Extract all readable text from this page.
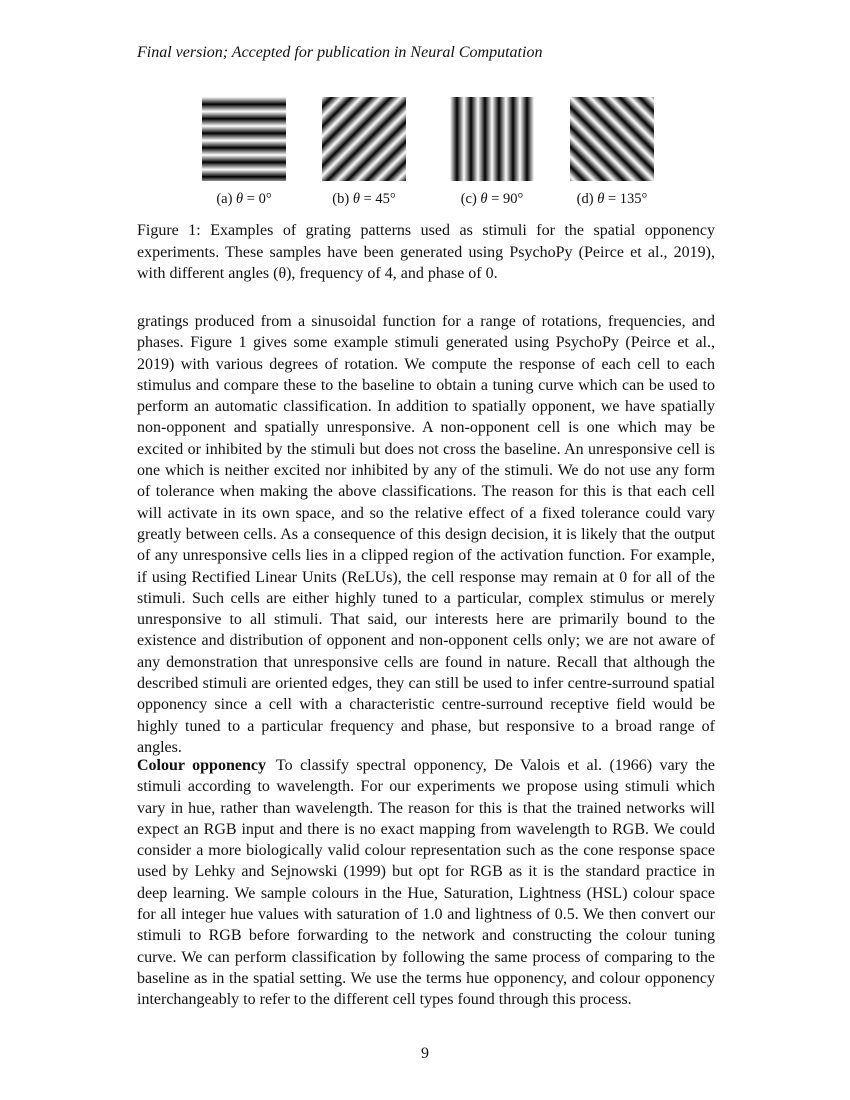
Final version; Accepted for publication in Neural Computation
(a) θ = 0°	(b) θ = 45°	(c) θ = 90°	(d) θ = 135°

Figure 1: Examples of grating patterns used as stimuli for the spatial opponency experiments. These samples have been generated using PsychoPy (Peirce et al., 2019), with different angles (θ), frequency of 4, and phase of 0.

gratings produced from a sinusoidal function for a range of rotations, frequencies, and phases. Figure 1 gives some example stimuli generated using PsychoPy (Peirce et al., 2019) with various degrees of rotation. We compute the response of each cell to each stimulus and compare these to the baseline to obtain a tuning curve which can be used to perform an automatic classification. In addition to spatially opponent, we have spatially non-opponent and spatially unresponsive. A non-opponent cell is one which may be excited or inhibited by the stimuli but does not cross the baseline. An unresponsive cell is one which is neither excited nor inhibited by any of the stimuli. We do not use any form of tolerance when making the above classifications. The reason for this is that each cell will activate in its own space, and so the relative effect of a fixed tolerance could vary greatly between cells. As a consequence of this design decision, it is likely that the output of any unresponsive cells lies in a clipped region of the activation function. For example, if using Rectified Linear Units (ReLUs), the cell response may remain at 0 for all of the stimuli. Such cells are either highly tuned to a particular, complex stimulus or merely unresponsive to all stimuli. That said, our interests here are primarily bound to the existence and distribution of opponent and non-opponent cells only; we are not aware of any demonstration that unresponsive cells are found in nature. Recall that although the described stimuli are oriented edges, they can still be used to infer centre-surround spatial opponency since a cell with a characteristic centre-surround receptive field would be highly tuned to a particular frequency and phase, but responsive to a broad range of angles.

Colour opponency To classify spectral opponency, De Valois et al. (1966) vary the stimuli according to wavelength. For our experiments we propose using stimuli which vary in hue, rather than wavelength. The reason for this is that the trained networks will expect an RGB input and there is no exact mapping from wavelength to RGB. We could consider a more biologically valid colour representation such as the cone response space used by Lehky and Sejnowski (1999) but opt for RGB as it is the standard practice in deep learning. We sample colours in the Hue, Saturation, Lightness (HSL) colour space for all integer hue values with saturation of 1.0 and lightness of 0.5. We then convert our stimuli to RGB before forwarding to the network and constructing the colour tuning curve. We can perform classification by following the same process of comparing to the baseline as in the spatial setting. We use the terms hue opponency, and colour opponency interchangeably to refer to the different cell types found through this process.

9
